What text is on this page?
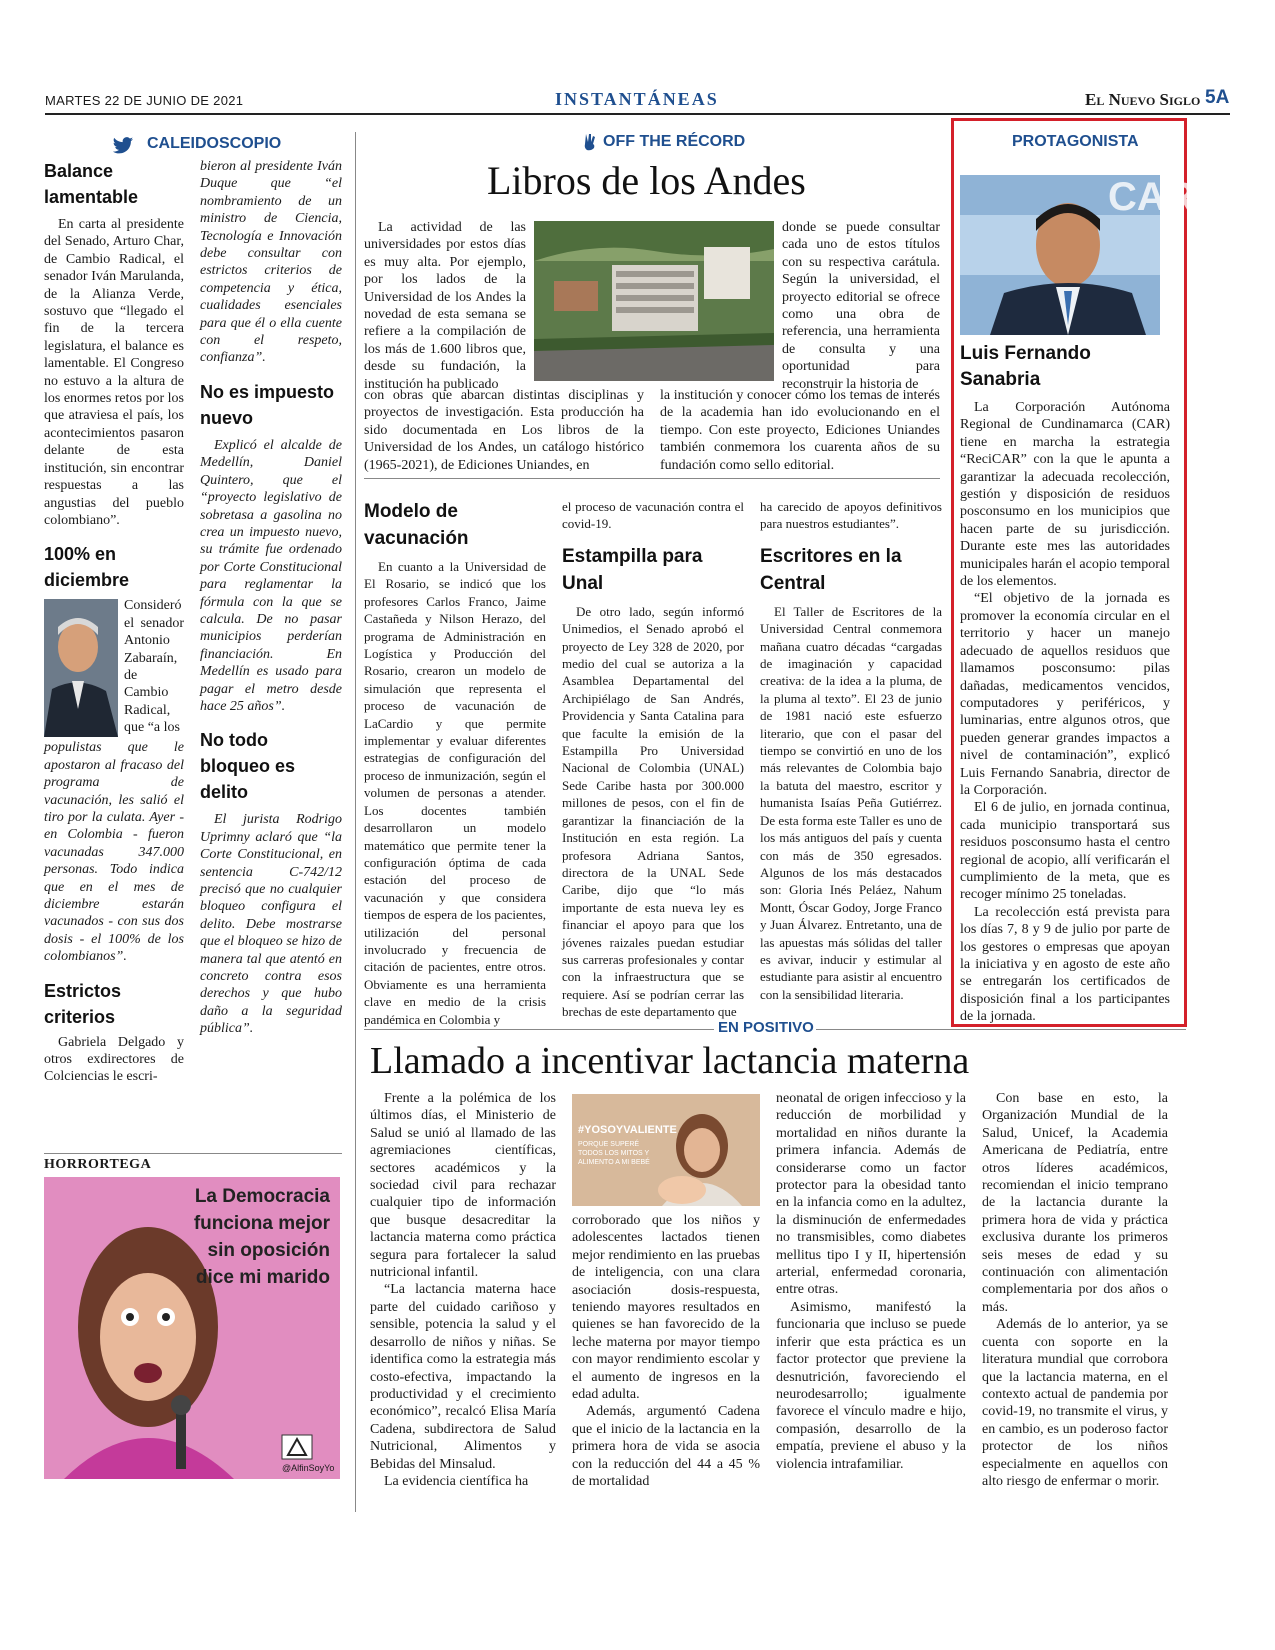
MARTES 22 DE JUNIO DE 2021	INSTANTÁNEAS	El Nuevo Siglo 5A
CALEIDOSCOPIO
Balance lamentable

En carta al presidente del Senado, Arturo Char, de Cambio Radical, el senador Iván Marulanda, de la Alianza Verde, sostuvo que “llegado el fin de la tercera legislatura, el balance es lamentable. El Congreso no estuvo a la altura de los enormes retos por los que atraviesa el país, los acontecimientos pasaron delante de esta institución, sin encontrar respuestas a las angustias del pueblo colombiano”.

100% en diciembre
Consideró el senador Antonio Zabaraín, de Cambio Radical, que “a los
populistas que le apostaron al fracaso del programa de vacunación, les salió el tiro por la culata. Ayer - en Colombia - fueron vacunadas 347.000 personas. Todo indica que en el mes de diciembre estarán vacunados - con sus dos dosis - el 100% de los colombianos”.
Estrictos criterios

Gabriela Delgado y otros exdirectores de Colciencias le escri-

bieron al presidente Iván Duque que “el nombramiento de un ministro de Ciencia, Tecnología e Innovación debe consultar con estrictos criterios de competencia y ética, cualidades esenciales para que él o ella cuente con el respeto, confianza”.
No es impuesto nuevo

Explicó el alcalde de Medellín, Daniel Quintero, que el “proyecto legislativo de sobretasa a gasolina no crea un impuesto nuevo, su trámite fue ordenado por Corte Constitucional para reglamentar la fórmula con la que se calcula. De no pasar municipios perderían financiación. En Medellín es usado para pagar el metro desde hace 25 años”.

No todo bloqueo es delito

El jurista Rodrigo Uprimny aclaró que “la Corte Constitucional, en sentencia C-742/12 precisó que no cualquier bloqueo configura el delito. Debe mostrarse que el bloqueo se hizo de manera tal que atentó en concreto contra esos derechos y que hubo daño a la seguridad pública”.

HORRORTEGA
La Democracia funciona mejor sin oposición dice mi marido
@AlfinSoyYo
OFF THE RÉCORD
Libros de los Andes

La actividad de las universidades por estos días es muy alta. Por ejemplo, por los lados de la Universidad de los Andes la novedad de esta semana se refiere a la compilación de los más de 1.600 libros que, desde su fundación, la institución ha publicado

donde se puede consultar cada uno de estos títulos con su respectiva carátula. Según la universidad, el proyecto editorial se ofrece como una obra de referencia, una herramienta de consulta y una oportunidad para reconstruir la historia de
con obras que abarcan distintas disciplinas y proyectos de investigación. Esta producción ha sido documentada en Los libros de la Universidad de los Andes, un catálogo histórico (1965-2021), de Ediciones Uniandes, en
la institución y conocer cómo los temas de interés de la academia han ido evolucionando en el tiempo. Con este proyecto, Ediciones Uniandes también conmemora los cuarenta años de su fundación como sello editorial.
Modelo de vacunación

En cuanto a la Universidad de El Rosario, se indicó que los profesores Carlos Franco, Jaime Castañeda y Nilson Herazo, del programa de Administración en Logística y Producción del Rosario, crearon un modelo de simulación que representa el proceso de vacunación de LaCardio y que permite implementar y evaluar diferentes estrategias de configuración del proceso de inmunización, según el volumen de personas a atender. Los docentes también desarrollaron un modelo matemático que permite tener la configuración óptima de cada estación del proceso de vacunación y que considera tiempos de espera de los pacientes, utilización del personal involucrado y frecuencia de citación de pacientes, entre otros. Obviamente es una herramienta clave en medio de la crisis pandémica en Colombia y

el proceso de vacunación contra el covid-19.
Estampilla para Unal

De otro lado, según informó Unimedios, el Senado aprobó el proyecto de Ley 328 de 2020, por medio del cual se autoriza a la Asamblea Departamental del Archipiélago de San Andrés, Providencia y Santa Catalina para que faculte la emisión de la Estampilla Pro Universidad Nacional de Colombia (UNAL) Sede Caribe hasta por 300.000 millones de pesos, con el fin de garantizar la financiación de la Institución en esta región. La profesora Adriana Santos, directora de la UNAL Sede Caribe, dijo que “lo más importante de esta nueva ley es financiar el apoyo para que los jóvenes raizales puedan estudiar sus carreras profesionales y contar con la infraestructura que se requiere. Así se podrían cerrar las brechas de este departamento que

ha carecido de apoyos definitivos para nuestros estudiantes”.
Escritores en la Central

El Taller de Escritores de la Universidad Central conmemora mañana cuatro décadas “cargadas de imaginación y capacidad creativa: de la idea a la pluma, de la pluma al texto”. El 23 de junio de 1981 nació este esfuerzo literario, que con el pasar del tiempo se convirtió en uno de los más relevantes de Colombia bajo la batuta del maestro, escritor y humanista Isaías Peña Gutiérrez. De esta forma este Taller es uno de los más antiguos del país y cuenta con más de 350 egresados. Algunos de los más destacados son: Gloria Inés Peláez, Nahum Montt, Óscar Godoy, Jorge Franco y Juan Álvarez. Entretanto, una de las apuestas más sólidas del taller es avivar, inducir y estimular al estudiante para asistir al encuentro con la sensibilidad literaria.

PROTAGONISTA
CAR
Luis Fernando Sanabria

La Corporación Autónoma Regional de Cundinamarca (CAR) tiene en marcha la estrategia “ReciCAR” con la que le apunta a garantizar la adecuada recolección, gestión y disposición de residuos posconsumo en los municipios que hacen parte de su jurisdicción. Durante este mes las autoridades municipales harán el acopio temporal de los elementos.

“El objetivo de la jornada es promover la economía circular en el territorio y hacer un manejo adecuado de aquellos residuos que llamamos posconsumo: pilas dañadas, medicamentos vencidos, computadores y periféricos, y luminarias, entre algunos otros, que pueden generar grandes impactos a nivel de contaminación”, explicó Luis Fernando Sanabria, director de la Corporación.

El 6 de julio, en jornada continua, cada municipio transportará sus residuos posconsumo hasta el centro regional de acopio, allí verificarán el cumplimiento de la meta, que es recoger mínimo 25 toneladas.

La recolección está prevista para los días 7, 8 y 9 de julio por parte de los gestores o empresas que apoyan la iniciativa y en agosto de este año se entregarán los certificados de disposición final a los participantes de la jornada.

EN POSITIVO
Llamado a incentivar lactancia materna

Frente a la polémica de los últimos días, el Ministerio de Salud se unió al llamado de las agremiaciones científicas, sectores académicos y la sociedad civil para rechazar cualquier tipo de información que busque desacreditar la lactancia materna como práctica segura para fortalecer la salud nutricional infantil.

“La lactancia materna hace parte del cuidado cariñoso y sensible, potencia la salud y el desarrollo de niños y niñas. Se identifica como la estrategia más costo-efectiva, impactando la productividad y el crecimiento económico”, recalcó Elisa María Cadena, subdirectora de Salud Nutricional, Alimentos y Bebidas del Minsalud.

La evidencia científica ha

#YOSOYVALIENTE
PORQUE SUPERÉ TODOS LOS MITOS Y ALIMENTO A MI BEBÉ
corroborado que los niños y adolescentes lactados tienen mejor rendimiento en las pruebas de inteligencia, con una clara asociación dosis-respuesta, teniendo mayores resultados en quienes se han favorecido de la leche materna por mayor tiempo con mayor rendimiento escolar y el aumento de ingresos en la edad adulta.

Además, argumentó Cadena que el inicio de la lactancia en la primera hora de vida se asocia con la reducción del 44 a 45 % de mortalidad

neonatal de origen infeccioso y la reducción de morbilidad y mortalidad en niños durante la primera infancia. Además de considerarse como un factor protector para la obesidad tanto en la infancia como en la adultez, la disminución de enfermedades no transmisibles, como diabetes mellitus tipo I y II, hipertensión arterial, enfermedad coronaria, entre otras.

Asimismo, manifestó la funcionaria que incluso se puede inferir que esta práctica es un factor protector que previene la desnutrición, favoreciendo el neurodesarrollo; igualmente favorece el vínculo madre e hijo, compasión, desarrollo de la empatía, previene el abuso y la violencia intrafamiliar.

Con base en esto, la Organización Mundial de la Salud, Unicef, la Academia Americana de Pediatría, entre otros líderes académicos, recomiendan el inicio temprano de la lactancia durante la primera hora de vida y práctica exclusiva durante los primeros seis meses de edad y su continuación con alimentación complementaria por dos años o más.

Además de lo anterior, ya se cuenta con soporte en la literatura mundial que corrobora que la lactancia materna, en el contexto actual de pandemia por covid-19, no transmite el virus, y en cambio, es un poderoso factor protector de los niños especialmente en aquellos con alto riesgo de enfermar o morir.
